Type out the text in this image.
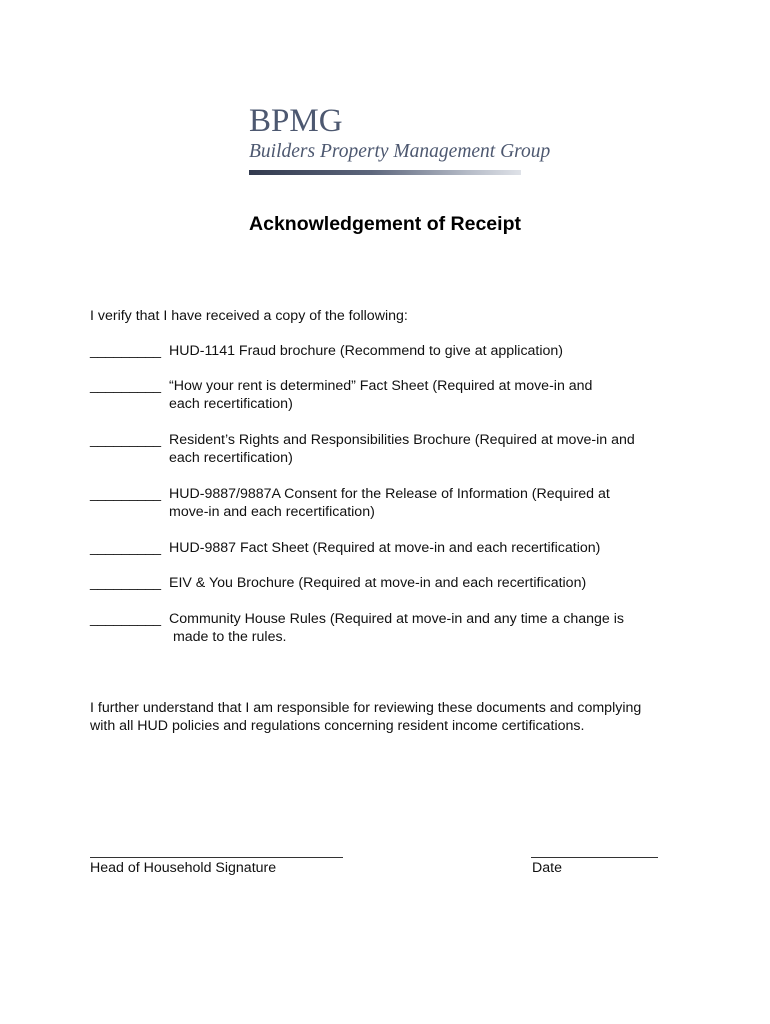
BPMG
Builders Property Management Group
Acknowledgement of Receipt
I verify that I have received a copy of the following:
_________ HUD-1141 Fraud brochure (Recommend to give at application)
_________ “How your rent is determined” Fact Sheet (Required at move-in and
each recertification)
_________ Resident’s Rights and Responsibilities Brochure (Required at move-in and
each recertification)
_________ HUD-9887/9887A Consent for the Release of Information (Required at
move-in and each recertification)
_________ HUD-9887 Fact Sheet (Required at move-in and each recertification)
_________ EIV & You Brochure (Required at move-in and each recertification)
_________ Community House Rules (Required at move-in and any time a change is
made to the rules.
I further understand that I am responsible for reviewing these documents and complying
with all HUD policies and regulations concerning resident income certifications.
Head of Household Signature	Date
